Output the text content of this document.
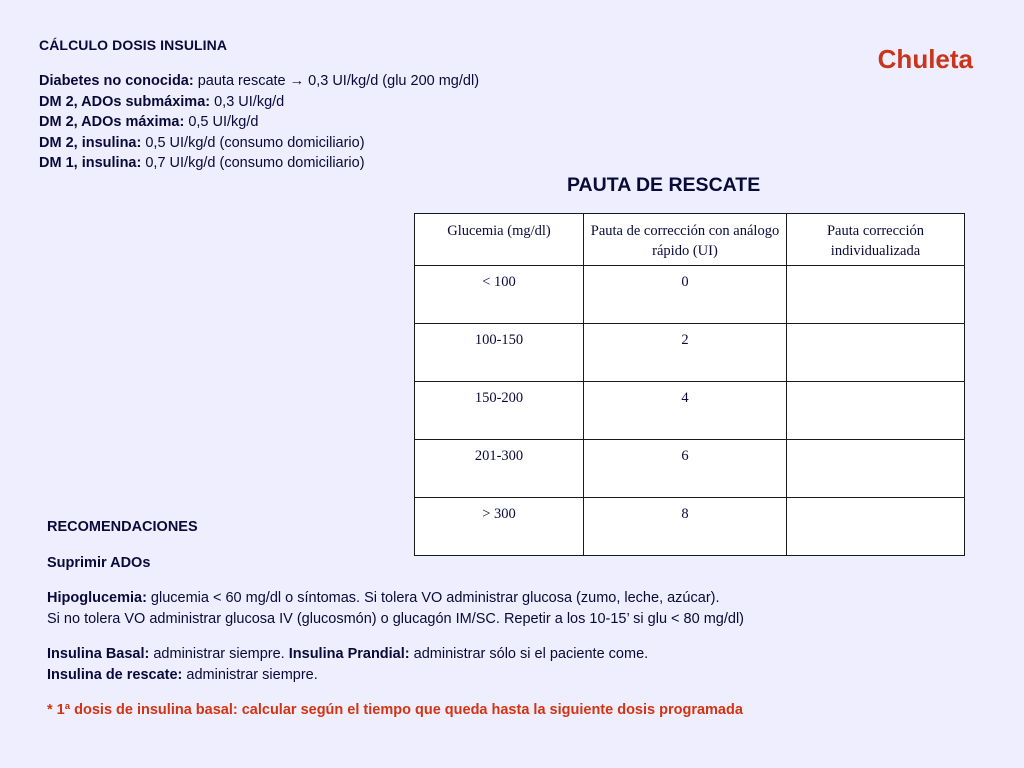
CÁLCULO DOSIS INSULINA	Chuleta
Diabetes no conocida: pauta rescate → 0,3 UI/kg/d (glu 200 mg/dl)
DM 2, ADOs submáxima: 0,3 UI/kg/d
DM 2, ADOs máxima: 0,5 UI/kg/d
DM 2, insulina: 0,5 UI/kg/d (consumo domiciliario)
DM 1, insulina: 0,7 UI/kg/d (consumo domiciliario)
PAUTA DE RESCATE
Glucemia (mg/dl)	Pauta de corrección con análogo rápido (UI)	Pauta corrección individualizada
< 100	0	
100-150	2	
150-200	4	
201-300	6	
> 300	8	

RECOMENDACIONES

Suprimir ADOs

Hipoglucemia: glucemia < 60 mg/dl o síntomas. Si tolera VO administrar glucosa (zumo, leche, azúcar).
Si no tolera VO administrar glucosa IV (glucosmón) o glucagón IM/SC. Repetir a los 10-15’ si glu < 80 mg/dl)

Insulina Basal: administrar siempre. Insulina Prandial: administrar sólo si el paciente come.
Insulina de rescate: administrar siempre.

* 1ª dosis de insulina basal: calcular según el tiempo que queda hasta la siguiente dosis programada
